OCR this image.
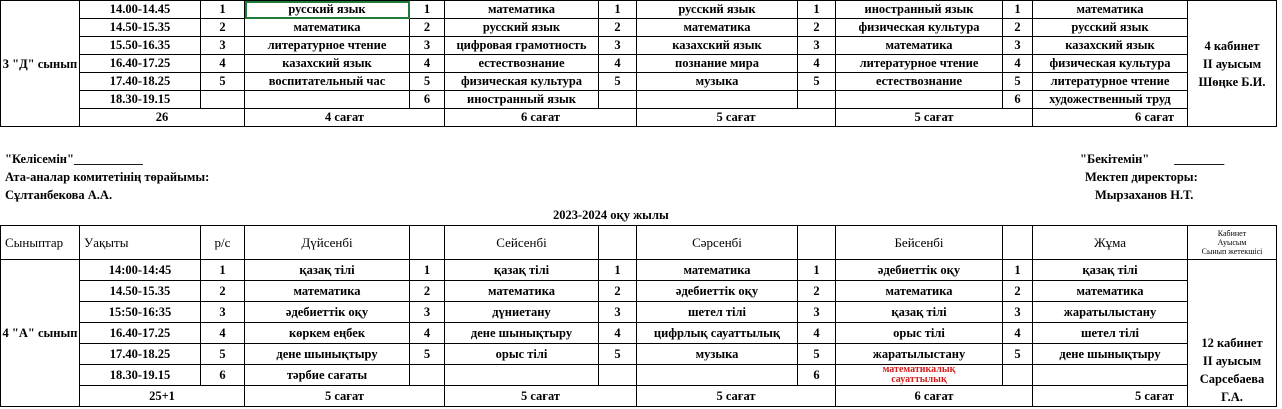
3 "Д" сынып	14.00-14.45	1	русский язык	1	математика	1	русский язык	1	иностранный язык	1	математика	4 кабинет
II ауысым
Шөңке Б.И.

	14.50-15.35	2	математика	2	русский язык	2	математика	2	физическая культура	2	русский язык	
	15.50-16.35	3	литературное чтение	3	цифровая грамотность	3	казахский язык	3	математика	3	казахский язык	
	16.40-17.25	4	казахский язык	4	естествознание	4	познание мира	4	литературное чтение	4	физическая культура	
	17.40-18.25	5	воспитательный час	5	физическая культура	5	музыка	5	естествознание	5	литературное чтение	
	18.30-19.15			6	иностранный язык					6	художественный труд	
	26		4 сағат		6 сағат		5 сағат		5 сағат		6 сағат	
"Келісемін"___________
Ата-аналар комитетінің төрайымы:
Сұлтанбекова А.А.
"Бекітемін"        ________
Мектеп директоры:
Мырзаханов Н.Т.
2023-2024 оқу жылы
Сыныптар	Уақыты	р/с	Дүйсенбі		Сейсенбі		Сәрсенбі		Бейсенбі		Жұма	Кабинет
Ауысым
Сынып жетекшісі

4 "А" сынып	14:00-14:45	1	қазақ тілі	1	қазақ тілі	1	математика	1	әдебиеттік оқу	1	қазақ тілі	12 кабинет
II ауысым
Сарсебаева
Г.А.

	14.50-15.35	2	математика	2	математика	2	әдебиеттік оқу	2	математика	2	математика	
	15:50-16:35	3	әдебиеттік оқу	3	дүниетану	3	шетел тілі	3	қазақ тілі	3	жаратылыстану	
	16.40-17.25	4	көркем еңбек	4	дене шынықтыру	4	цифрлық сауаттылық	4	орыс тілі	4	шетел тілі	
	17.40-18.25	5	дене шынықтыру	5	орыс тілі	5	музыка	5	жаратылыстану	5	дене шынықтыру	
	18.30-19.15	6	тәрбие сағаты					6	математикалық
сауаттылық			

	25+1		5 сағат		5 сағат		5 сағат		6 сағат		5 сағат	
